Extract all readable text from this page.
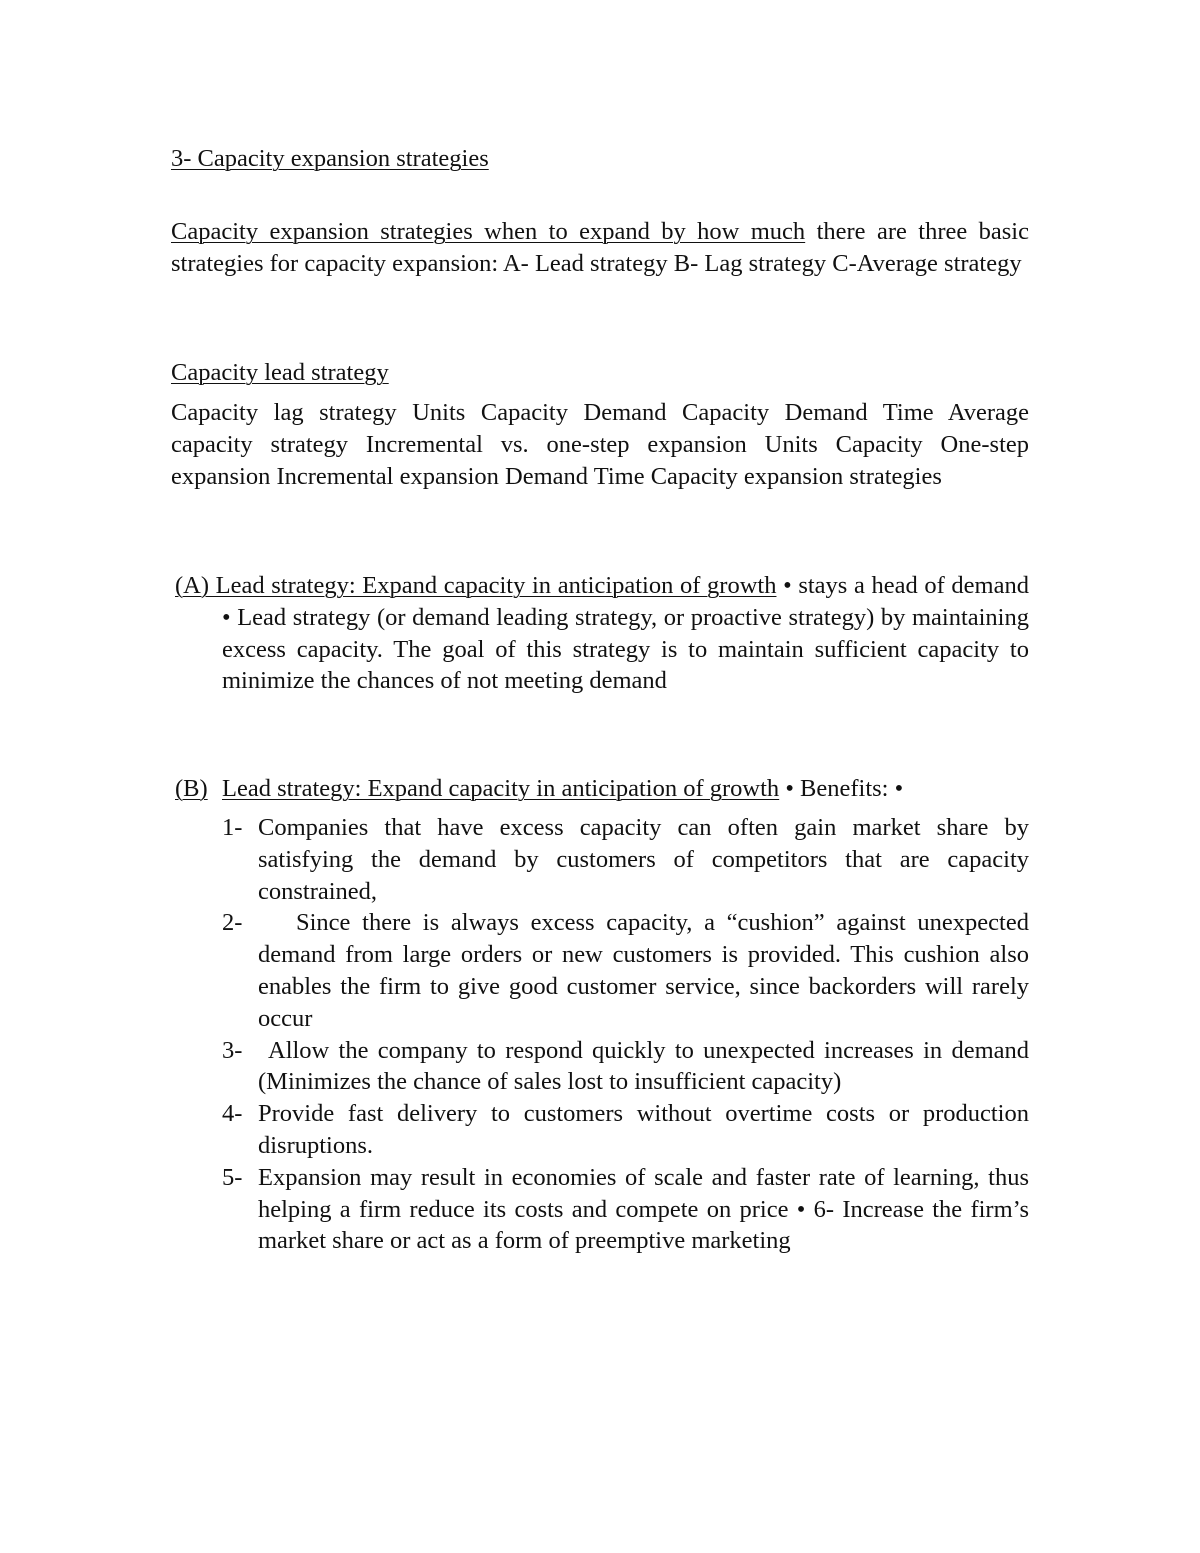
3- Capacity expansion strategies

Capacity expansion strategies when to expand by how much there are three basic strategies for capacity expansion: A- Lead strategy B- Lag strategy C-Average strategy

Capacity lead strategy

Capacity lag strategy Units Capacity Demand Capacity Demand Time Average capacity strategy Incremental vs. one-step expansion Units Capacity One-step expansion Incremental expansion Demand Time Capacity expansion strategies

(A) Lead strategy: Expand capacity in anticipation of growth • stays a head of demand • Lead strategy (or demand leading strategy, or proactive strategy) by maintaining excess capacity. The goal of this strategy is to maintain sufficient capacity to minimize the chances of not meeting demand
(B) Lead strategy: Expand capacity in anticipation of growth • Benefits: •
1- Companies that have excess capacity can often gain market share by satisfying the demand by customers of competitors that are capacity constrained,
2- Since there is always excess capacity, a “cushion” against unexpected demand from large orders or new customers is provided. This cushion also enables the firm to give good customer service, since backorders will rarely occur
3- Allow the company to respond quickly to unexpected increases in demand (Minimizes the chance of sales lost to insufficient capacity)
4- Provide fast delivery to customers without overtime costs or production disruptions.
5- Expansion may result in economies of scale and faster rate of learning, thus helping a firm reduce its costs and compete on price • 6- Increase the firm’s market share or act as a form of preemptive marketing
